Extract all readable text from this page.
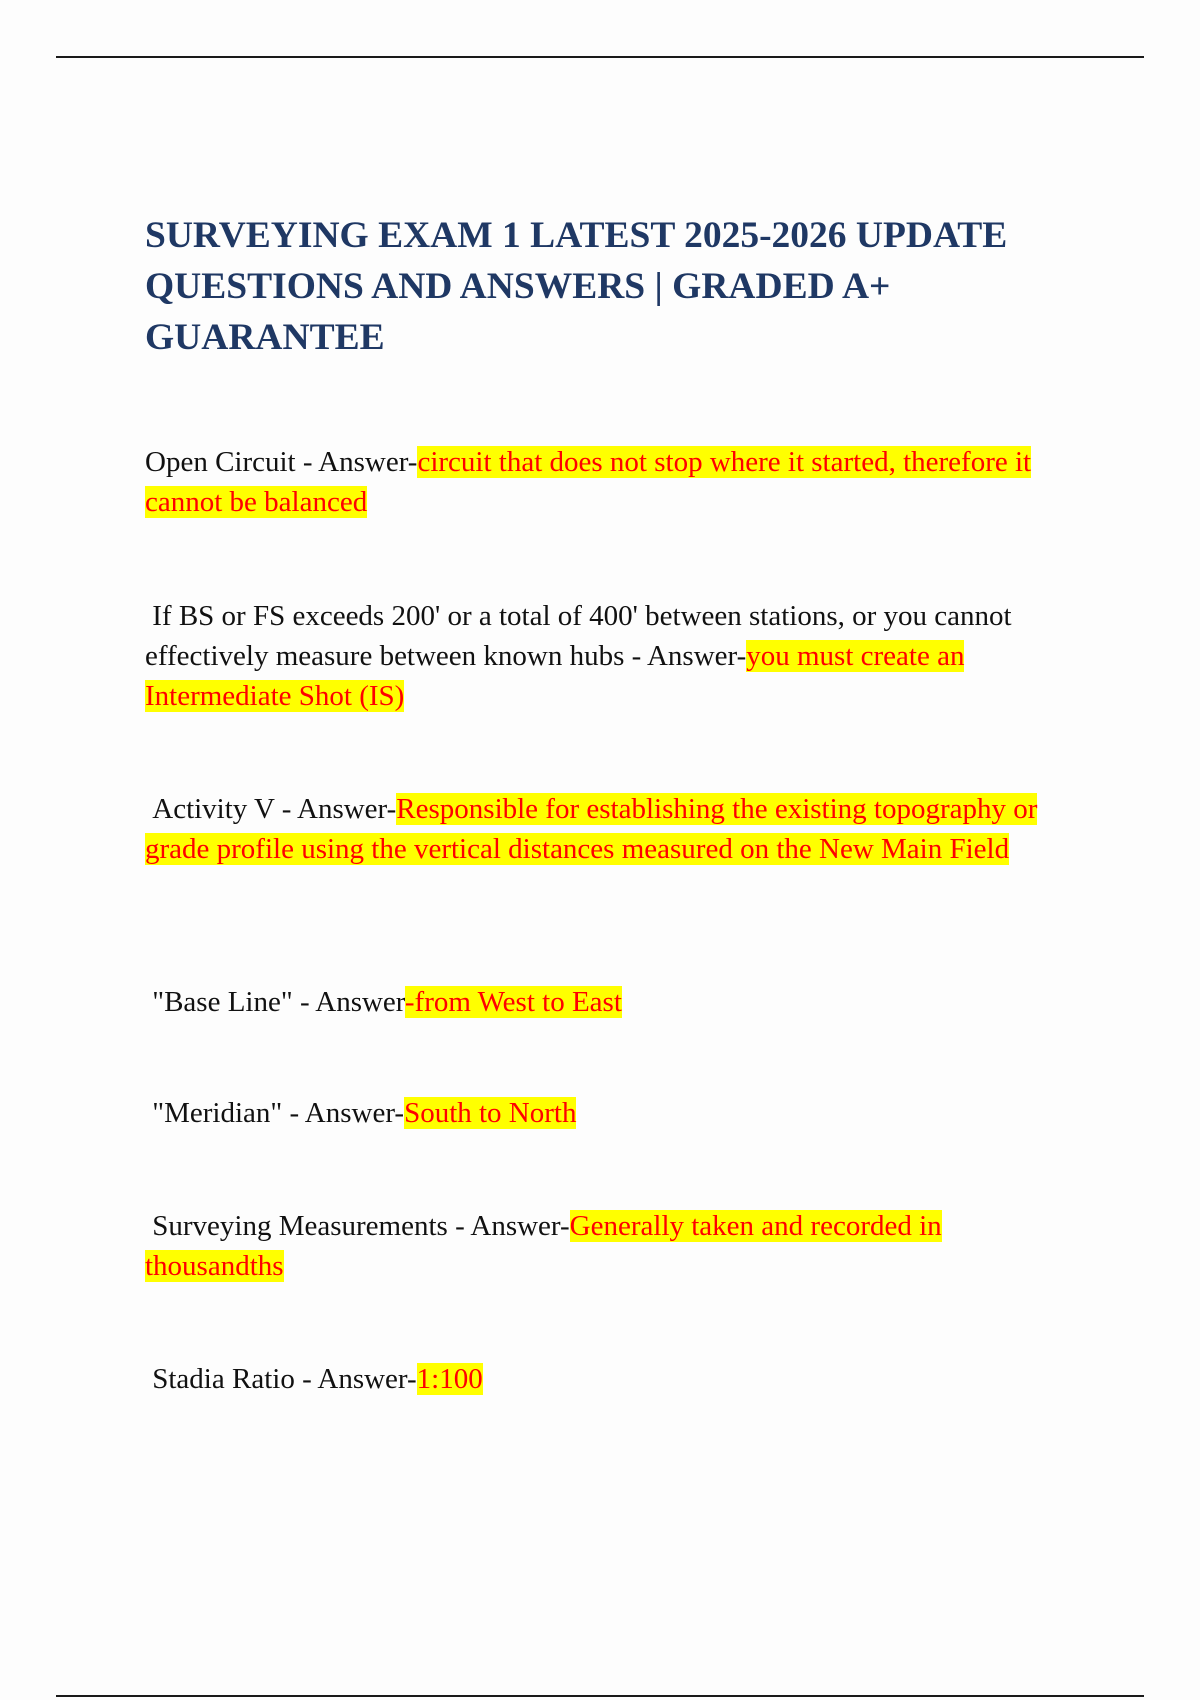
SURVEYING EXAM 1 LATEST 2025-2026 UPDATE QUESTIONS AND ANSWERS | GRADED A+ GUARANTEE

Open Circuit - Answer-circuit that does not stop where it started, therefore it cannot be balanced

If BS or FS exceeds 200' or a total of 400' between stations, or you cannot effectively measure between known hubs - Answer-you must create an Intermediate Shot (IS)

Activity V - Answer-Responsible for establishing the existing topography or grade profile using the vertical distances measured on the New Main Field

"Base Line" - Answer-from West to East

"Meridian" - Answer-South to North

Surveying Measurements - Answer-Generally taken and recorded in thousandths

Stadia Ratio - Answer-1:100
